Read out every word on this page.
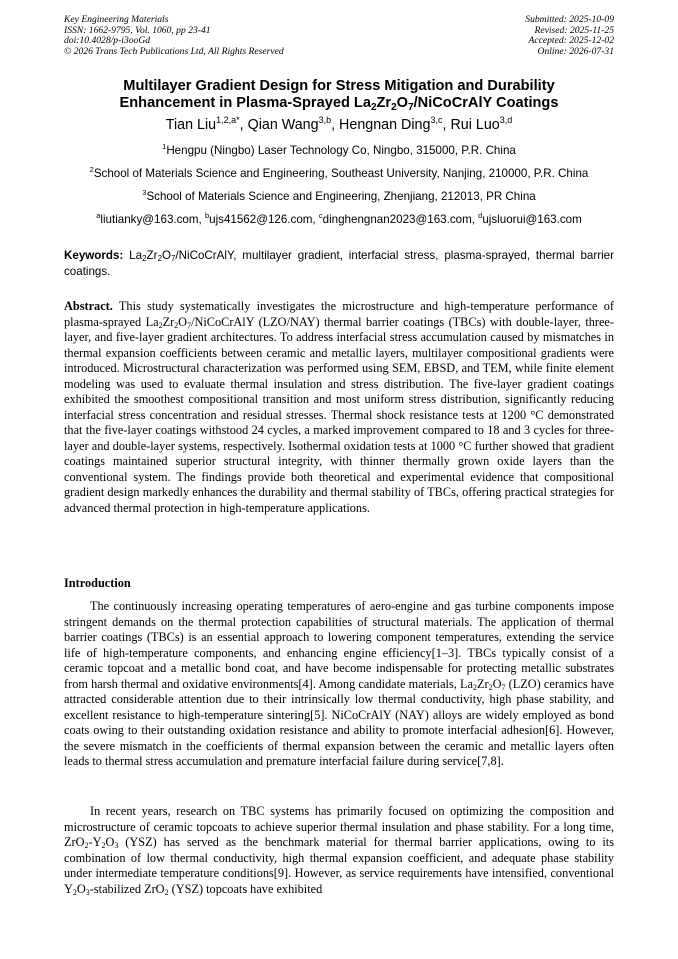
Key Engineering Materials
ISSN: 1662-9795, Vol. 1060, pp 23-41
doi:10.4028/p-i3ooGd
© 2026 Trans Tech Publications Ltd, All Rights Reserved
Submitted: 2025-10-09
Revised: 2025-11-25
Accepted: 2025-12-02
Online: 2026-07-31
Multilayer Gradient Design for Stress Mitigation and Durability
Enhancement in Plasma-Sprayed $La_2Zr_2O_7$/NiCoCrAlY Coatings
Tian Liu$^{1,2,a*}$, Qian Wang$^{3,b}$, Hengnan Ding$^{3,c}$, Rui Luo$^{3,d}$
$^1$Hengpu (Ningbo) Laser Technology Co, Ningbo, 315000, P.R. China
$^2$School of Materials Science and Engineering, Southeast University, Nanjing, 210000, P.R. China
$^3$School of Materials Science and Engineering, Zhenjiang, 212013, PR China
$^a$liutianky@163.com, $^b$ujs41562@126.com, $^c$dinghengnan2023@163.com, $^d$ujsluorui@163.com
Keywords: $La_2Zr_2O_7$/NiCoCrAlY, multilayer gradient, interfacial stress, plasma-sprayed, thermal barrier coatings.
Abstract. This study systematically investigates the microstructure and high-temperature performance of plasma-sprayed $La_2Zr_2O_7$/NiCoCrAlY (LZO/NAY) thermal barrier coatings (TBCs) with double-layer, three-layer, and five-layer gradient architectures. To address interfacial stress accumulation caused by mismatches in thermal expansion coefficients between ceramic and metallic layers, multilayer compositional gradients were introduced. Microstructural characterization was performed using SEM, EBSD, and TEM, while finite element modeling was used to evaluate thermal insulation and stress distribution. The five-layer gradient coatings exhibited the smoothest compositional transition and most uniform stress distribution, significantly reducing interfacial stress concentration and residual stresses. Thermal shock resistance tests at 1200 °C demonstrated that the five-layer coatings withstood 24 cycles, a marked improvement compared to 18 and 3 cycles for three-layer and double-layer systems, respectively. Isothermal oxidation tests at 1000 °C further showed that gradient coatings maintained superior structural integrity, with thinner thermally grown oxide layers than the conventional system. The findings provide both theoretical and experimental evidence that compositional gradient design markedly enhances the durability and thermal stability of TBCs, offering practical strategies for advanced thermal protection in high-temperature applications.
Introduction
The continuously increasing operating temperatures of aero-engine and gas turbine components impose stringent demands on the thermal protection capabilities of structural materials. The application of thermal barrier coatings (TBCs) is an essential approach to lowering component temperatures, extending the service life of high-temperature components, and enhancing engine efficiency[1–3]. TBCs typically consist of a ceramic topcoat and a metallic bond coat, and have become indispensable for protecting metallic substrates from harsh thermal and oxidative environments[4]. Among candidate materials, $La_2Zr_2O_7$ (LZO) ceramics have attracted considerable attention due to their intrinsically low thermal conductivity, high phase stability, and excellent resistance to high-temperature sintering[5]. NiCoCrAlY (NAY) alloys are widely employed as bond coats owing to their outstanding oxidation resistance and ability to promote interfacial adhesion[6]. However, the severe mismatch in the coefficients of thermal expansion between the ceramic and metallic layers often leads to thermal stress accumulation and premature interfacial failure during service[7,8].
In recent years, research on TBC systems has primarily focused on optimizing the composition and microstructure of ceramic topcoats to achieve superior thermal insulation and phase stability. For a long time, $ZrO_2-Y_2O_3$ (YSZ) has served as the benchmark material for thermal barrier applications, owing to its combination of low thermal conductivity, high thermal expansion coefficient, and adequate phase stability under intermediate temperature conditions[9]. However, as service requirements have intensified, conventional $Y_2O_3$-stabilized ZrO$_2$ (YSZ) topcoats have exhibited
